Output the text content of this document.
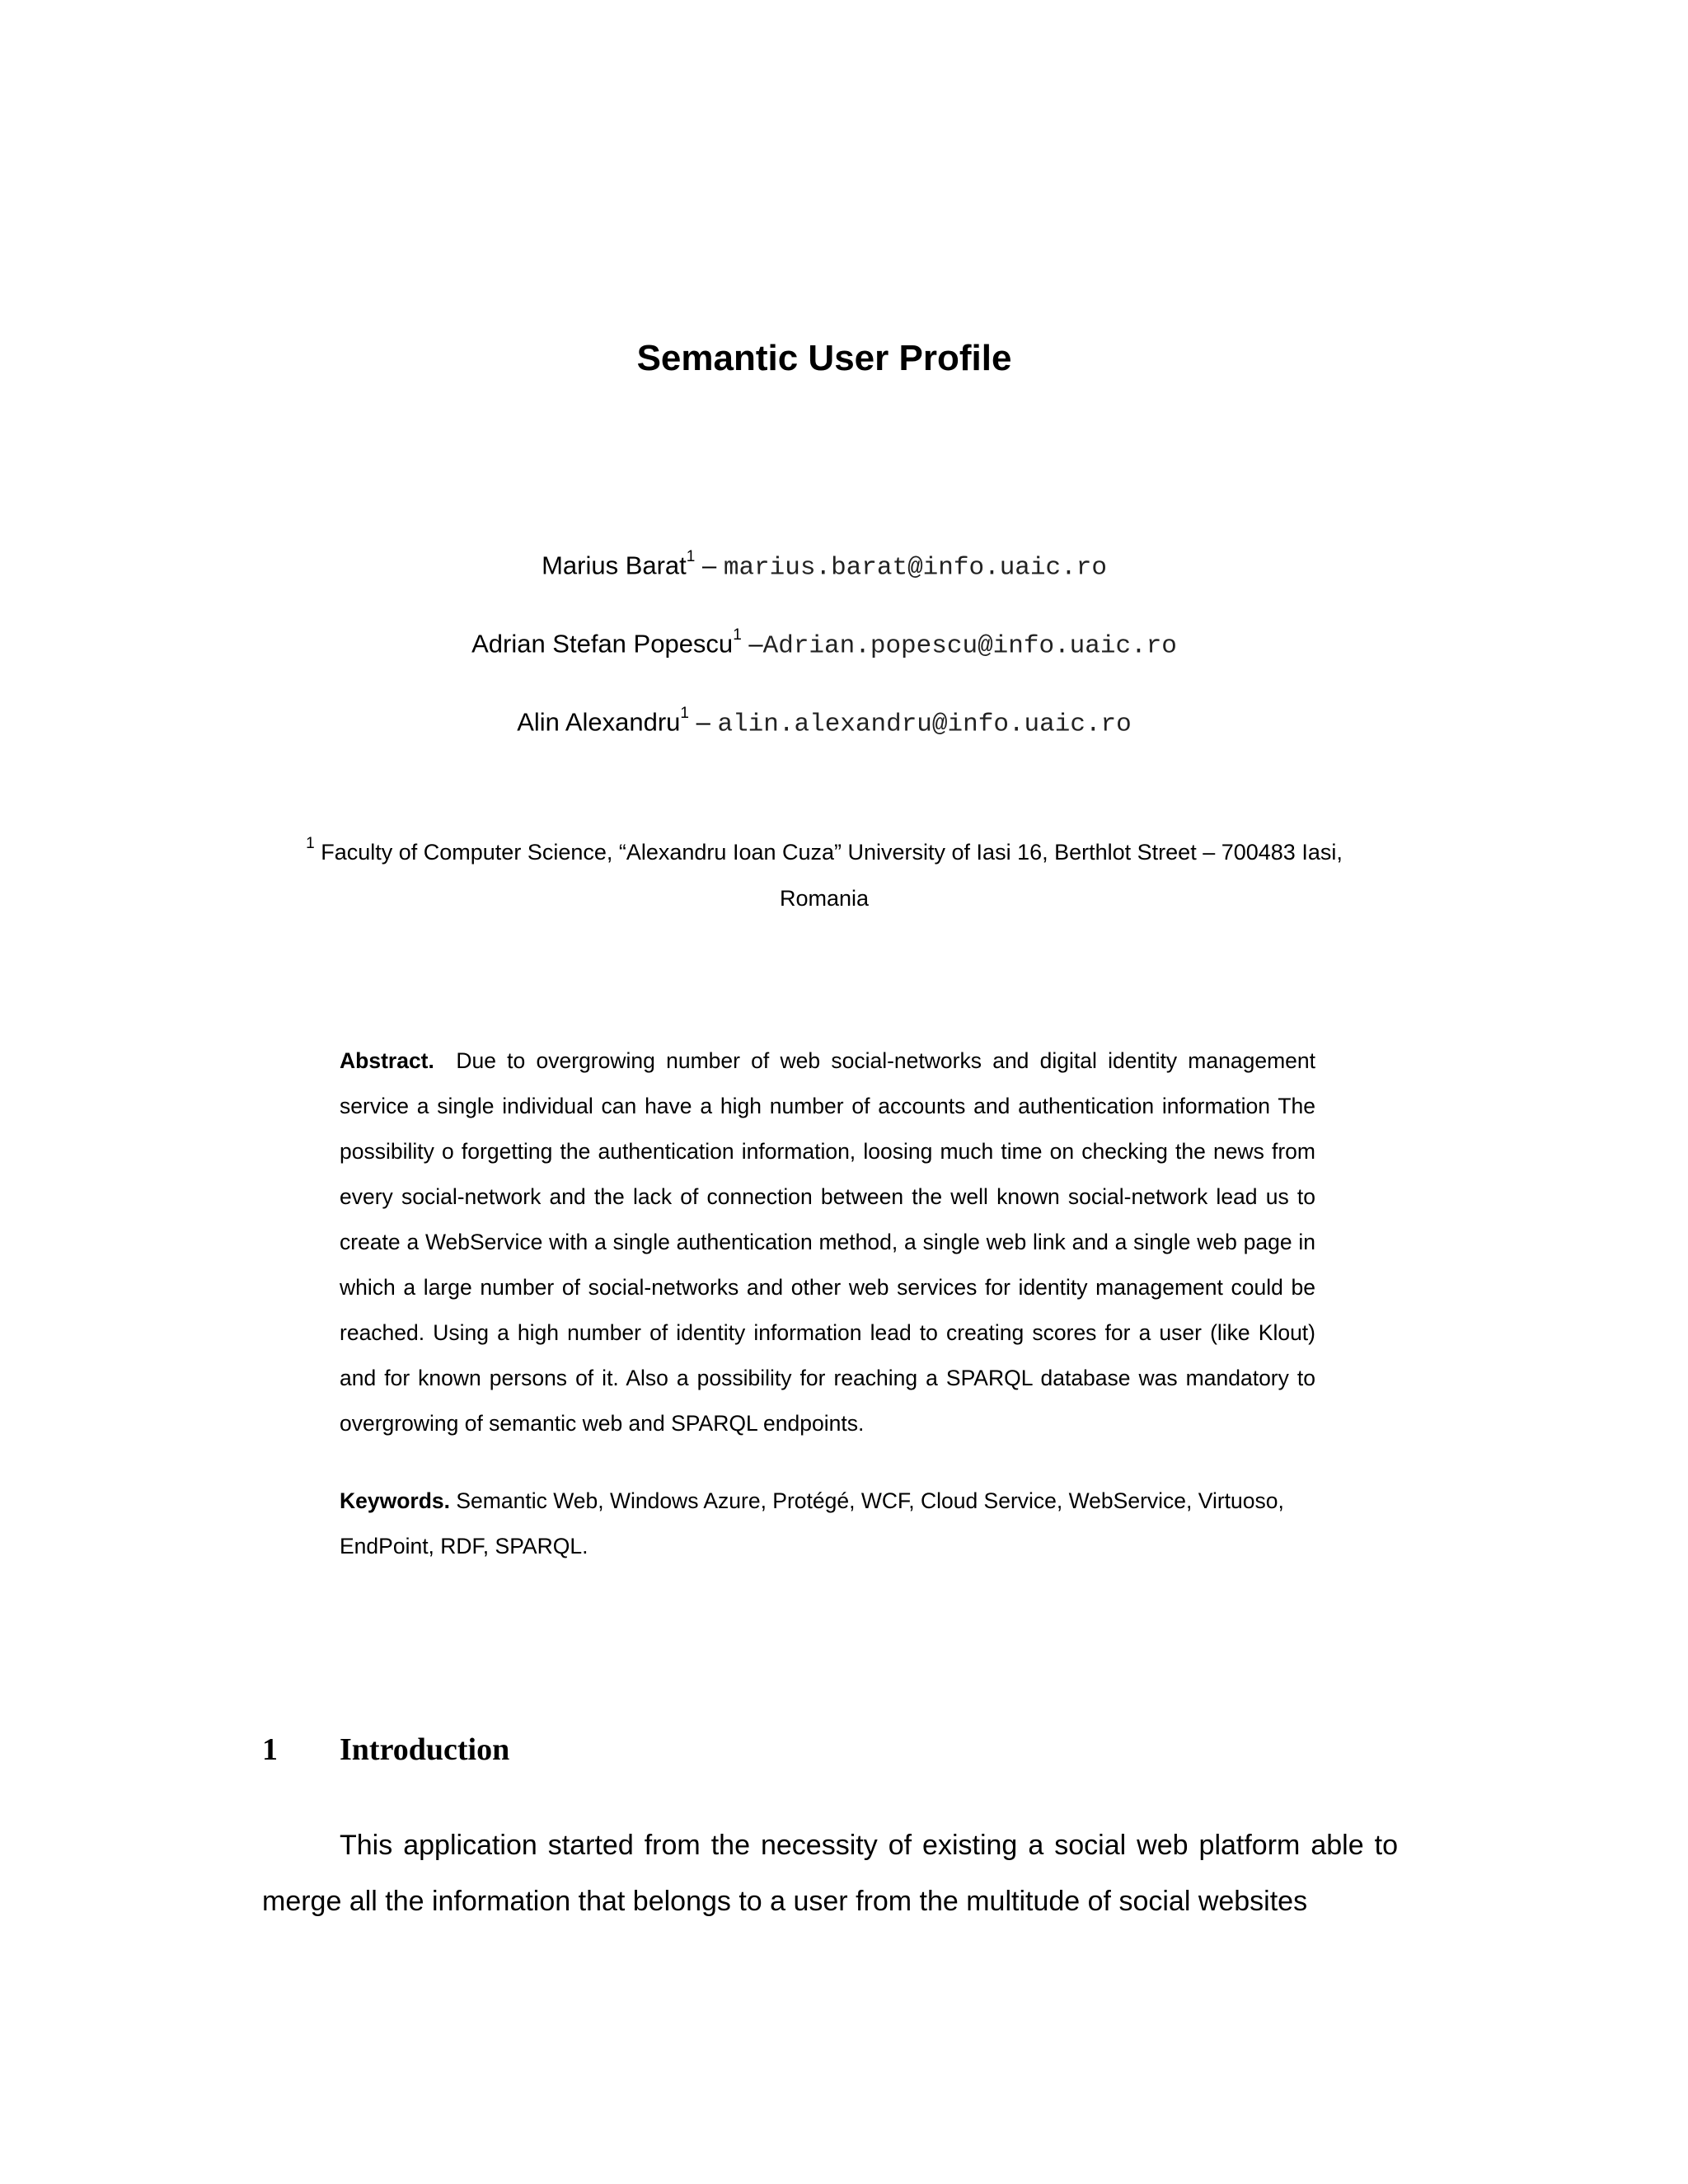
Semantic User Profile
Marius Barat$^1$ – marius.barat@info.uaic.ro
Adrian Stefan Popescu$^1$ –Adrian.popescu@info.uaic.ro
Alin Alexandru$^1$ – alin.alexandru@info.uaic.ro
$^1$ Faculty of Computer Science, “Alexandru Ioan Cuza” University of Iasi 16, Berthlot Street – 700483 Iasi, Romania
Abstract.  Due to overgrowing number of web social-networks and digital identity management service a single individual can have a high number of accounts and authentication information The possibility o forgetting the authentication information, loosing much time on checking the news from every social-network and the lack of connection between the well known social-network lead us to create a WebService with a single authentication method, a single web link and a single web page in which a large number of social-networks and other web services for identity management could be reached. Using a high number of identity information lead to creating scores for a user (like Klout) and for known persons of it. Also a possibility for reaching a SPARQL database was mandatory to overgrowing of semantic web and SPARQL endpoints.
Keywords. Semantic Web, Windows Azure, Protégé, WCF, Cloud Service, WebService, Virtuoso, EndPoint, RDF, SPARQL.
1 Introduction
This application started from the necessity of existing a social web platform able to merge all the information that belongs to a user from the multitude of social websites
